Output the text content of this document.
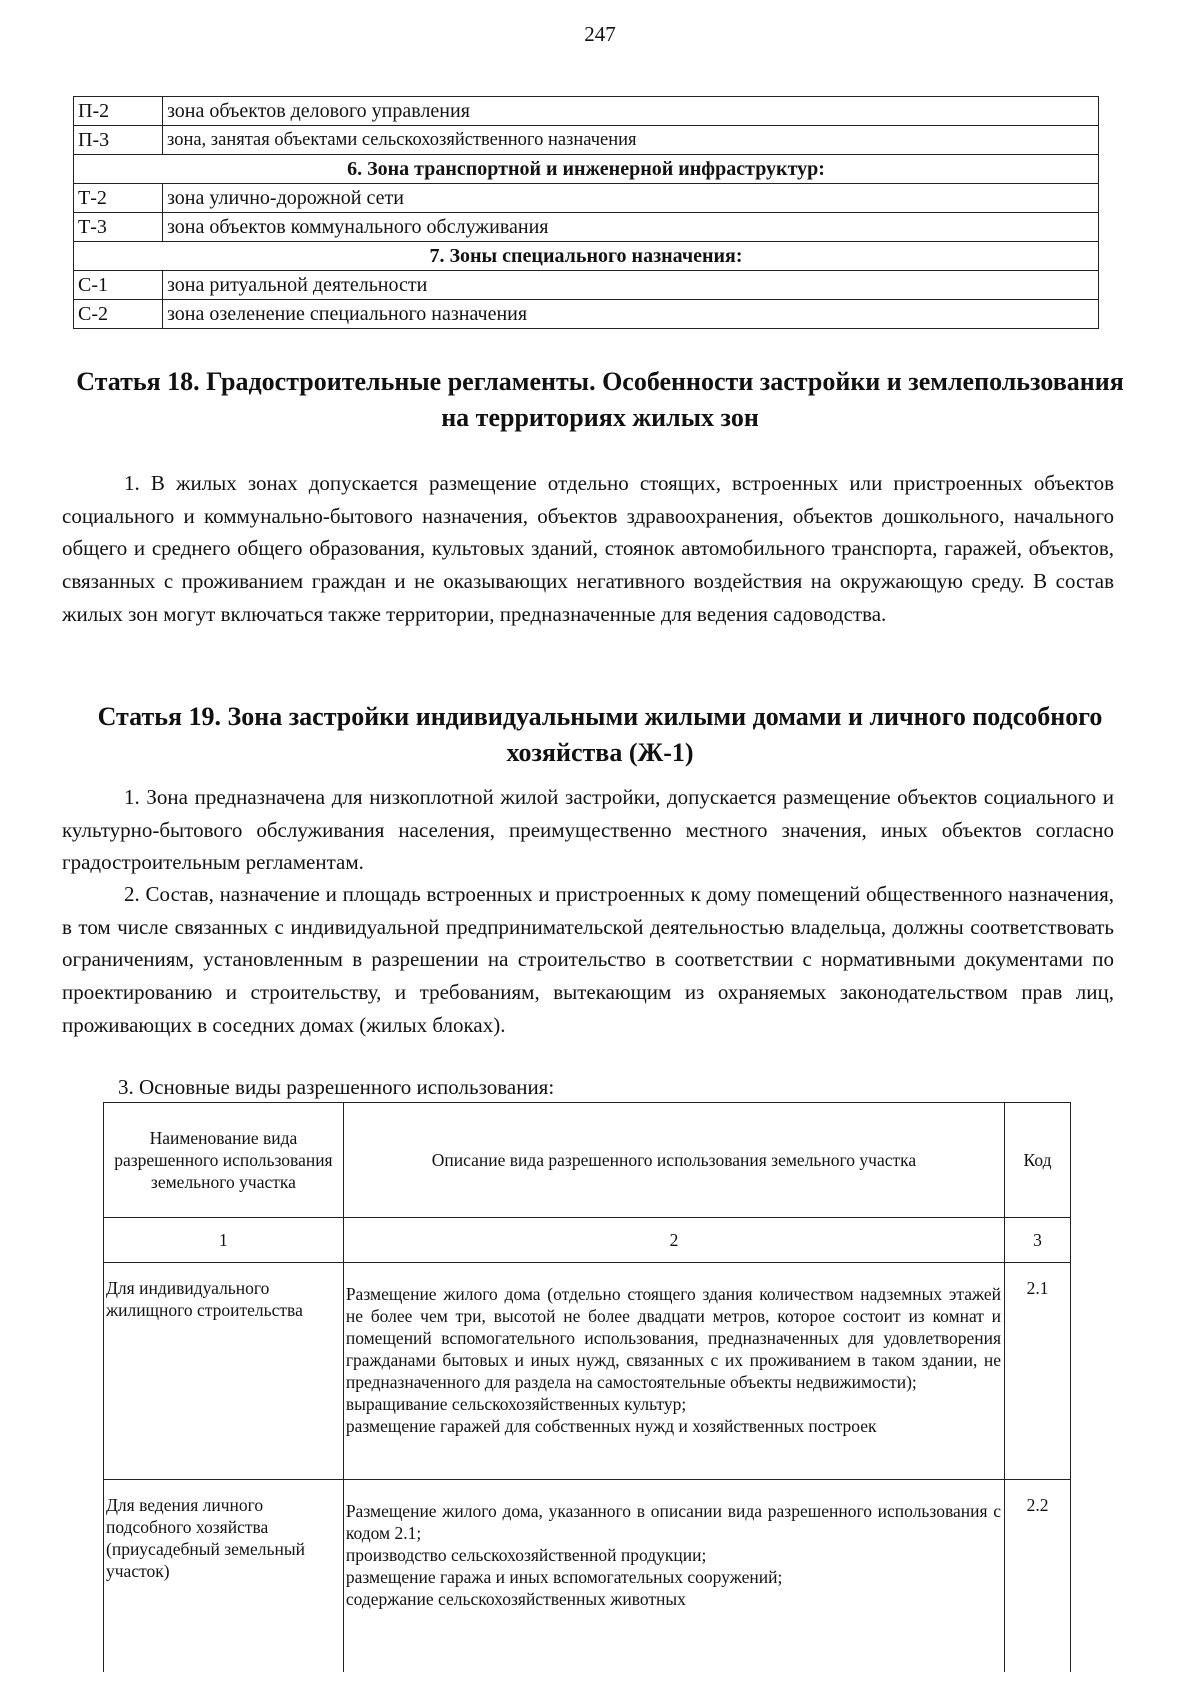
247
П-2	зона объектов делового управления
П-3	зона, занятая объектами сельскохозяйственного назначения
6. Зона транспортной и инженерной инфраструктур:	
Т-2	зона улично-дорожной сети
Т-3	зона объектов коммунального обслуживания
7. Зоны специального назначения:	
С-1	зона ритуальной деятельности
С-2	зона озеленение специального назначения
Статья 18. Градостроительные регламенты. Особенности застройки и землепользования на территориях жилых зон

1. В жилых зонах допускается размещение отдельно стоящих, встроенных или пристроенных объектов социального и коммунально-бытового назначения, объектов здравоохранения, объектов дошкольного, начального общего и среднего общего образования, культовых зданий, стоянок автомобильного транспорта, гаражей, объектов, связанных с проживанием граждан и не оказывающих негативного воздействия на окружающую среду. В состав жилых зон могут включаться также территории, предназначенные для ведения садоводства.

Статья 19. Зона застройки индивидуальными жилыми домами и личного подсобного хозяйства (Ж-1)

1. Зона предназначена для низкоплотной жилой застройки, допускается размещение объектов социального и культурно-бытового обслуживания населения, преимущественно местного значения, иных объектов согласно градостроительным регламентам.

2. Состав, назначение и площадь встроенных и пристроенных к дому помещений общественного назначения, в том числе связанных с индивидуальной предпринимательской деятельностью владельца, должны соответствовать ограничениям, установленным в разрешении на строительство в соответствии с нормативными документами по проектированию и строительству, и требованиям, вытекающим из охраняемых законодательством прав лиц, проживающих в соседних домах (жилых блоках).

3. Основные виды разрешенного использования:

Наименование вида разрешенного использования земельного участка	Описание вида разрешенного использования земельного участка	Код
1	2	3
Для индивидуального жилищного строительства	Размещение жилого дома (отдельно стоящего здания количеством надземных этажей не более чем три, высотой не более двадцати метров, которое состоит из комнат и помещений вспомогательного использования, предназначенных для удовлетворения гражданами бытовых и иных нужд, связанных с их проживанием в таком здании, не предназначенного для раздела на самостоятельные объекты недвижимости);
выращивание сельскохозяйственных культур;
размещение гаражей для собственных нужд и хозяйственных построек	2.1
Для ведения личного подсобного хозяйства (приусадебный земельный участок)	Размещение жилого дома, указанного в описании вида разрешенного использования с кодом 2.1;
производство сельскохозяйственной продукции;
размещение гаража и иных вспомогательных сооружений;
содержание сельскохозяйственных животных	2.2
